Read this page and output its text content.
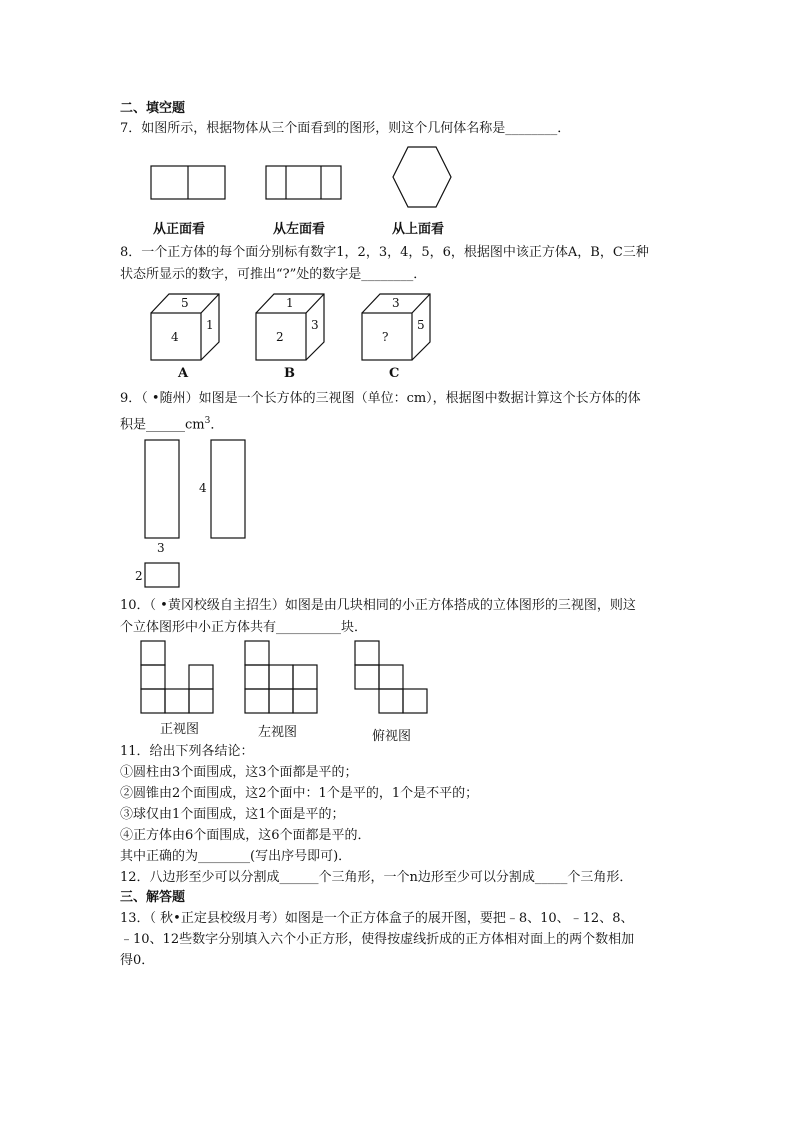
二、填空题
7．如图所示，根据物体从三个面看到的图形，则这个几何体名称是________．
从正面看	从左面看	从上面看
8．一个正方体的每个面分别标有数字1，2，3，4，5，6，根据图中该正方体A，B，C三种
状态所显示的数字，可推出“?”处的数字是________．
5
4
1
A
1
2
3
B
3
?
5
C
9．（ •随州）如图是一个长方体的三视图（单位：cm），根据图中数据计算这个长方体的体
积是$\_\_\_\_\_\_cm^3$．
3
4
2
10．（ •黄冈校级自主招生）如图是由几块相同的小正方体搭成的立体图形的三视图，则这
个立体图形中小正方体共有__________块．
正视图	左视图	俯视图
11．给出下列各结论：
①圆柱由3个面围成，这3个面都是平的；
②圆锥由2个面围成，这2个面中：1个是平的，1个是不平的；
③球仅由1个面围成，这1个面是平的；
④正方体由6个面围成，这6个面都是平的．
其中正确的为________(写出序号即可)．
12．八边形至少可以分割成______个三角形，一个n边形至少可以分割成_____个三角形．
三、解答题
13．（ 秋•正定县校级月考）如图是一个正方体盒子的展开图，要把﹣8、10、﹣12、8、
﹣10、12些数字分别填入六个小正方形，使得按虚线折成的正方体相对面上的两个数相加
得0．
